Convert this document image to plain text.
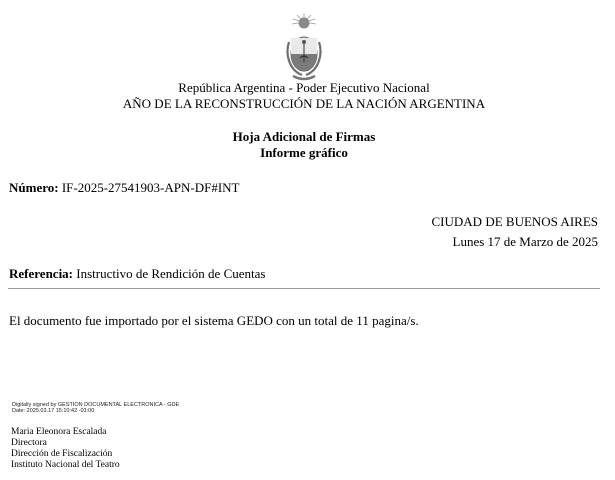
República Argentina - Poder Ejecutivo Nacional
AÑO DE LA RECONSTRUCCIÓN DE LA NACIÓN ARGENTINA
Hoja Adicional de Firmas
Informe gráfico
Número: IF-2025-27541903-APN-DF#INT
CIUDAD DE BUENOS AIRES
Lunes 17 de Marzo de 2025
Referencia: Instructivo de Rendición de Cuentas
El documento fue importado por el sistema GEDO con un total de 11 pagina/s.
Digitally signed by GESTION DOCUMENTAL ELECTRONICA - GDE
Date: 2025.03.17 15:10:42 -03:00
Maria Eleonora Escalada
Directora
Dirección de Fiscalización
Instituto Nacional del Teatro
